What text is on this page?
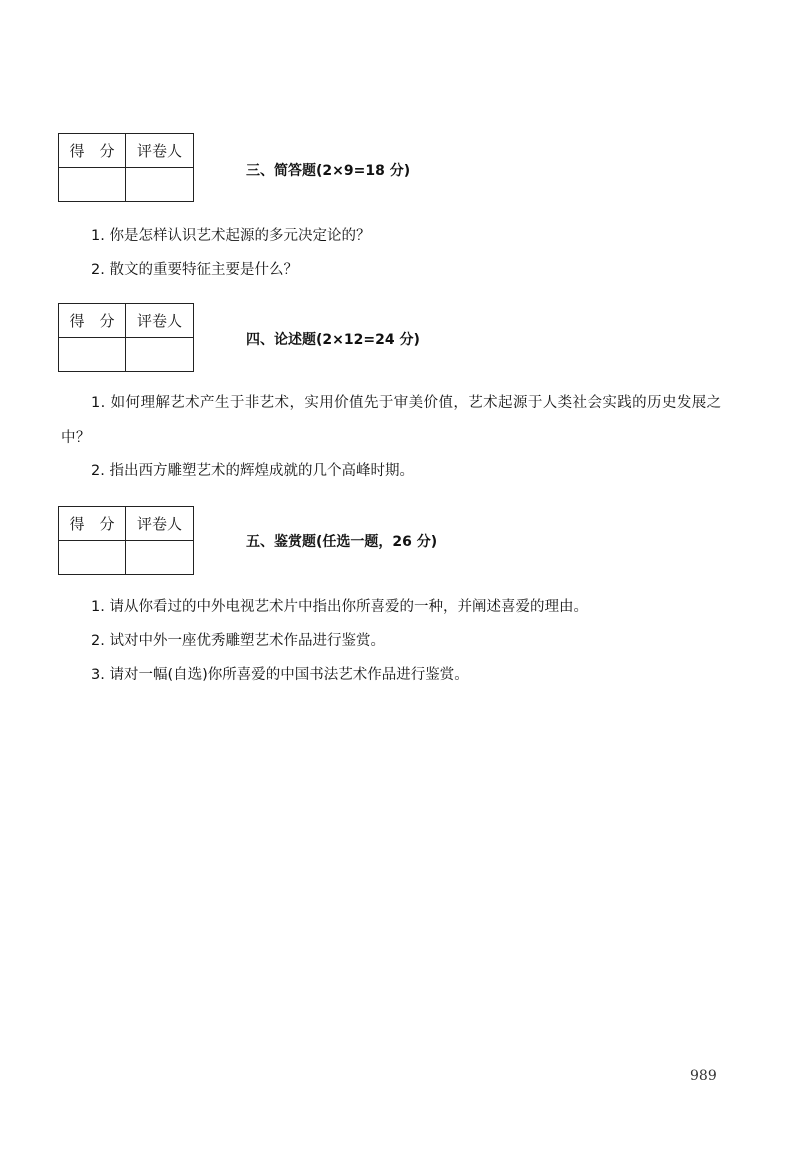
得　分	评卷人

三、简答题(2×9=18 分)
1. 你是怎样认识艺术起源的多元决定论的？
2. 散文的重要特征主要是什么？
得　分	评卷人

四、论述题(2×12=24 分)
1. 如何理解艺术产生于非艺术，实用价值先于审美价值，艺术起源于人类社会实践的历史发展之中？
2. 指出西方雕塑艺术的辉煌成就的几个高峰时期。
得　分	评卷人

五、鉴赏题(任选一题，26 分)
1. 请从你看过的中外电视艺术片中指出你所喜爱的一种，并阐述喜爱的理由。
2. 试对中外一座优秀雕塑艺术作品进行鉴赏。
3. 请对一幅(自选)你所喜爱的中国书法艺术作品进行鉴赏。
989
